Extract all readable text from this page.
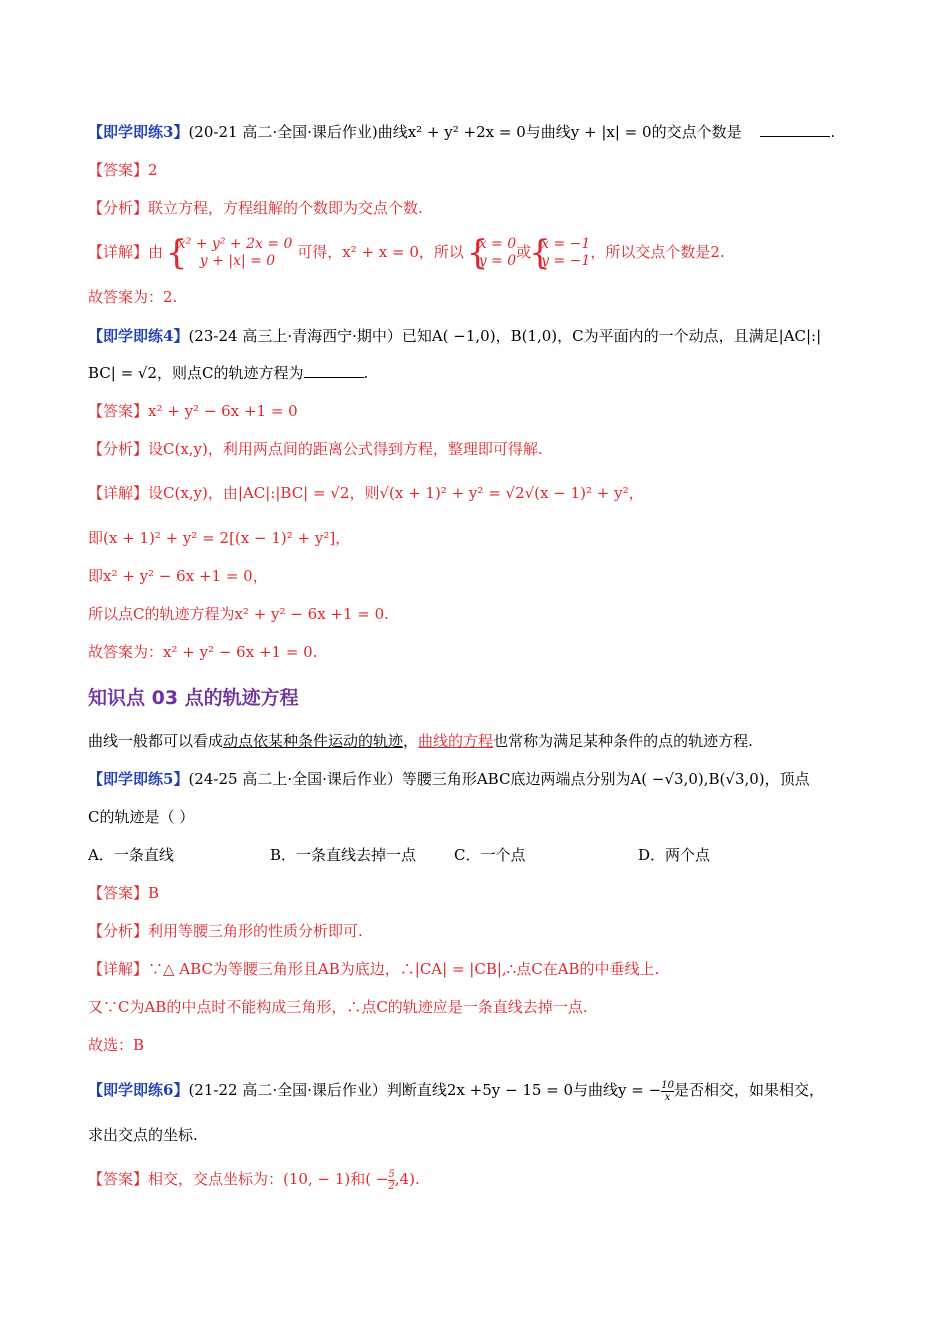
【即学即练3】(20-21 高二·全国·课后作业)曲线x² + y² +2x = 0与曲线y + |x| = 0的交点个数是	.
【答案】2
【分析】联立方程，方程组解的个数即为交点个数.
【详解】由 { x² + y² + 2x = 0
y + |x| = 0	可得，x² + x = 0，所以 { x = 0
y = 0 或 { x = −1
y = −1 ，所以交点个数是2.
故答案为：2.
【即学即练4】(23-24 高三上·青海西宁·期中）已知A( −1,0)，B(1,0)，C为平面内的一个动点，且满足|AC|:|
BC| = √2，则点C的轨迹方程为	.
【答案】x² + y² − 6x +1 = 0
【分析】设C(x,y)，利用两点间的距离公式得到方程，整理即可得解.
【详解】设C(x,y)，由|AC|:|BC| = √2，则√(x + 1)² + y² = √2√(x − 1)² + y²，
即(x + 1)² + y² = 2[(x − 1)² + y²]，
即x² + y² − 6x +1 = 0，
所以点C的轨迹方程为x² + y² − 6x +1 = 0.
故答案为：x² + y² − 6x +1 = 0.
知识点 03 点的轨迹方程
曲线一般都可以看成动点依某种条件运动的轨迹，曲线的方程也常称为满足某种条件的点的轨迹方程.
【即学即练5】(24-25 高二上·全国·课后作业）等腰三角形ABC底边两端点分别为A( −√3,0),B(√3,0)，顶点
C的轨迹是（ ）
A．一条直线	B．一条直线去掉一点	C．一个点	D．两个点
【答案】B
【分析】利用等腰三角形的性质分析即可.
【详解】∵△ ABC为等腰三角形且AB为底边，∴|CA| = |CB|,∴点C在AB的中垂线上.
又∵C为AB的中点时不能构成三角形，∴点C的轨迹应是一条直线去掉一点.
故选：B
【即学即练6】(21-22 高二·全国·课后作业）判断直线2x +5y − 15 = 0与曲线y = − $\frac{10}{x}$ 是否相交，如果相交，
求出交点的坐标.
【答案】相交，交点坐标为：(10, − 1)和( − $\frac{5}{2} ,4$).
